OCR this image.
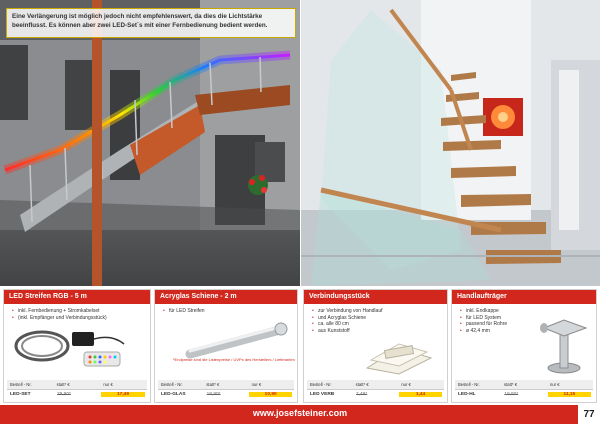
Eine Verlängerung ist möglich jedoch nicht empfehlenswert, da dies die Lichtstärke beeinflusst. Es können aber zwei LED-Set´s mit einer Fernbedienung bedient werden.
LED Streifen RGB - 5 m
• inkl. Fernbedienung + Stromkabelset
• (inkl. Empfänger und Verbindungsstück)
Bestell - Nr.	statt* €	nur €
LED-SET	29,90*	17,49
Acryglas Schiene - 2 m
• für LED Streifen
*Endpreise sind die Listenpreise / UVPs des Herstellers / Lieferanten
Bestell - Nr.	statt* €	nur €
LED-GLAS	18,90*	10,90
Verbindungsstück
• zur Verbindung von Handlauf
• und Acryglas Schiene
• ca. alle 80 cm
• aus Kunststoff
Bestell - Nr.	statt* €	nur €
LED VERB	2,49*	1,44
Handlaufträger
• inkl. Endkappe
• für LED System
• passend für Rohre
• ø 42,4 mm
Bestell - Nr.	statt* €	nur €
LED-HL	19,60*	11,15
www.josefsteiner.com	77
